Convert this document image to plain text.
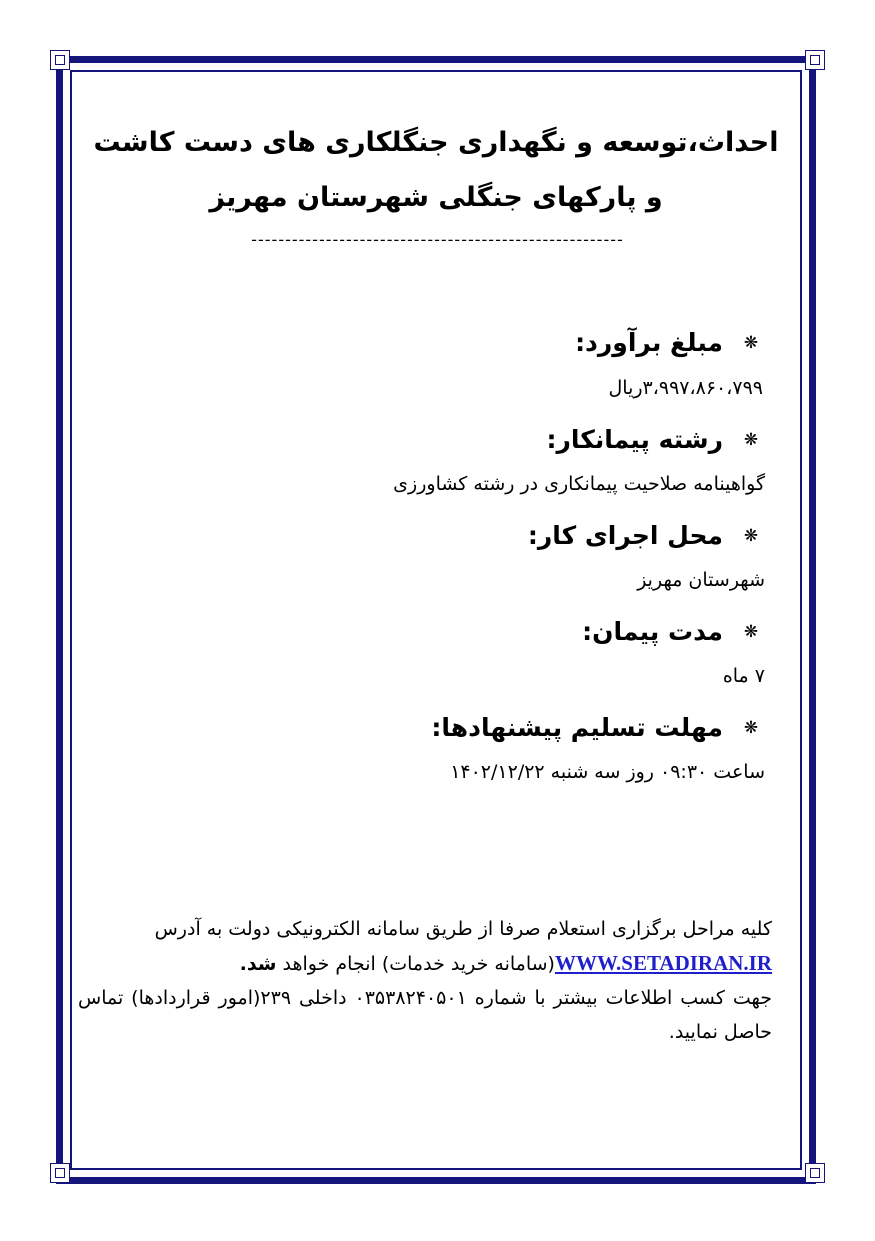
احداث،توسعه و نگهداری جنگلکاری های دست کاشت
و پارکهای جنگلی شهرستان مهریز
-------------------------------------------------------
❋مبلغ برآورد:
۳،۹۹۷،۸۶۰،۷۹۹ریال
❋رشته پیمانکار:
گواهینامه صلاحیت پیمانکاری در رشته کشاورزی
❋محل اجرای کار:
شهرستان مهریز
❋مدت پیمان:
۷ ماه
❋مهلت تسلیم پیشنهادها:
ساعت ۰۹:۳۰ روز سه شنبه ۱۴۰۲/۱۲/۲۲

کلیه مراحل برگزاری استعلام صرفا از طریق سامانه الکترونیکی دولت به آدرس

WWW.SETADIRAN.IR(سامانه خرید خدمات) انجام خواهد شد.

جهت کسب اطلاعات بیشتر با شماره ۰۳۵۳۸۲۴۰۵۰۱ داخلی ۲۳۹(امور قراردادها) تماس حاصل نمایید.
